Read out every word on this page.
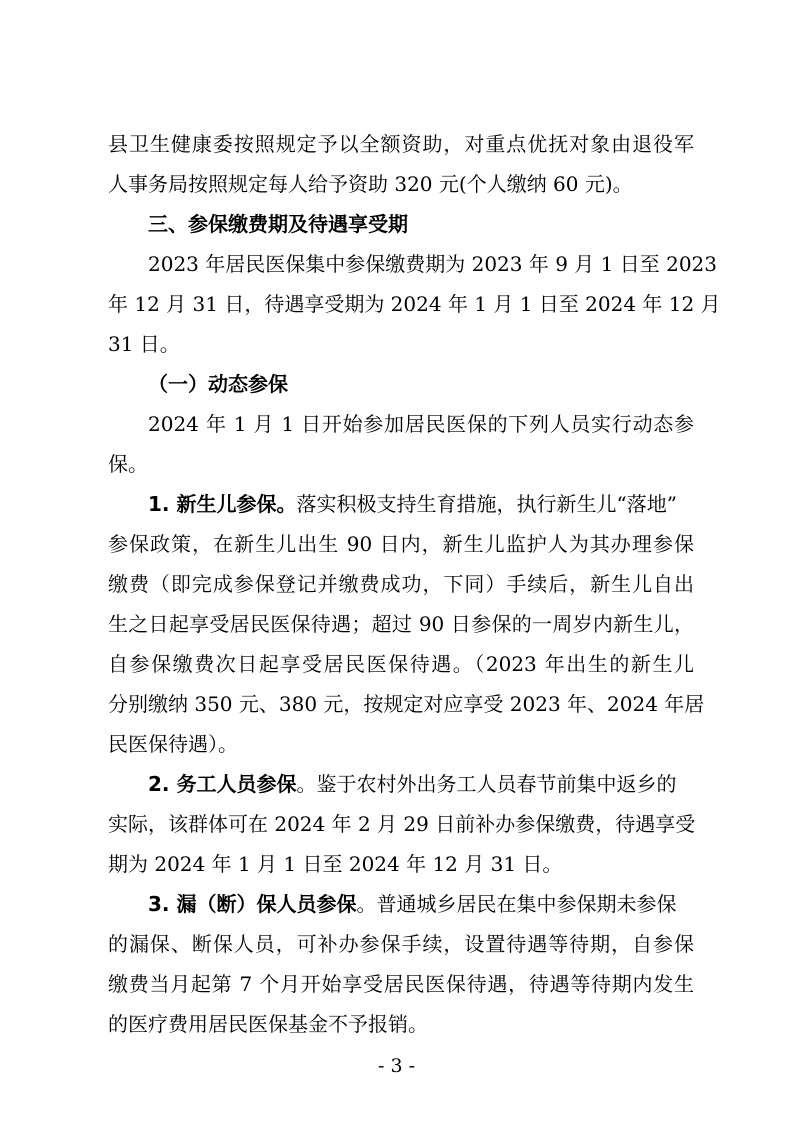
县卫生健康委按照规定予以全额资助，对重点优抚对象由退役军
人事务局按照规定每人给予资助 320 元(个人缴纳 60 元)。
三、参保缴费期及待遇享受期
2023 年居民医保集中参保缴费期为 2023 年 9 月 1 日至 2023
年 12 月 31 日，待遇享受期为 2024 年 1 月 1 日至 2024 年 12 月
31 日。
（一）动态参保
2024 年 1 月 1 日开始参加居民医保的下列人员实行动态参
保。
1. 新生儿参保。落实积极支持生育措施，执行新生儿“落地”
参保政策，在新生儿出生 90 日内，新生儿监护人为其办理参保
缴费（即完成参保登记并缴费成功，下同）手续后，新生儿自出
生之日起享受居民医保待遇；超过 90 日参保的一周岁内新生儿，
自参保缴费次日起享受居民医保待遇。（2023 年出生的新生儿
分别缴纳 350 元、380 元，按规定对应享受 2023 年、2024 年居
民医保待遇）。
2. 务工人员参保。鉴于农村外出务工人员春节前集中返乡的
实际，该群体可在 2024 年 2 月 29 日前补办参保缴费，待遇享受
期为 2024 年 1 月 1 日至 2024 年 12 月 31 日。
3. 漏（断）保人员参保。普通城乡居民在集中参保期未参保
的漏保、断保人员，可补办参保手续，设置待遇等待期，自参保
缴费当月起第 7 个月开始享受居民医保待遇，待遇等待期内发生
的医疗费用居民医保基金不予报销。
- 3 -
